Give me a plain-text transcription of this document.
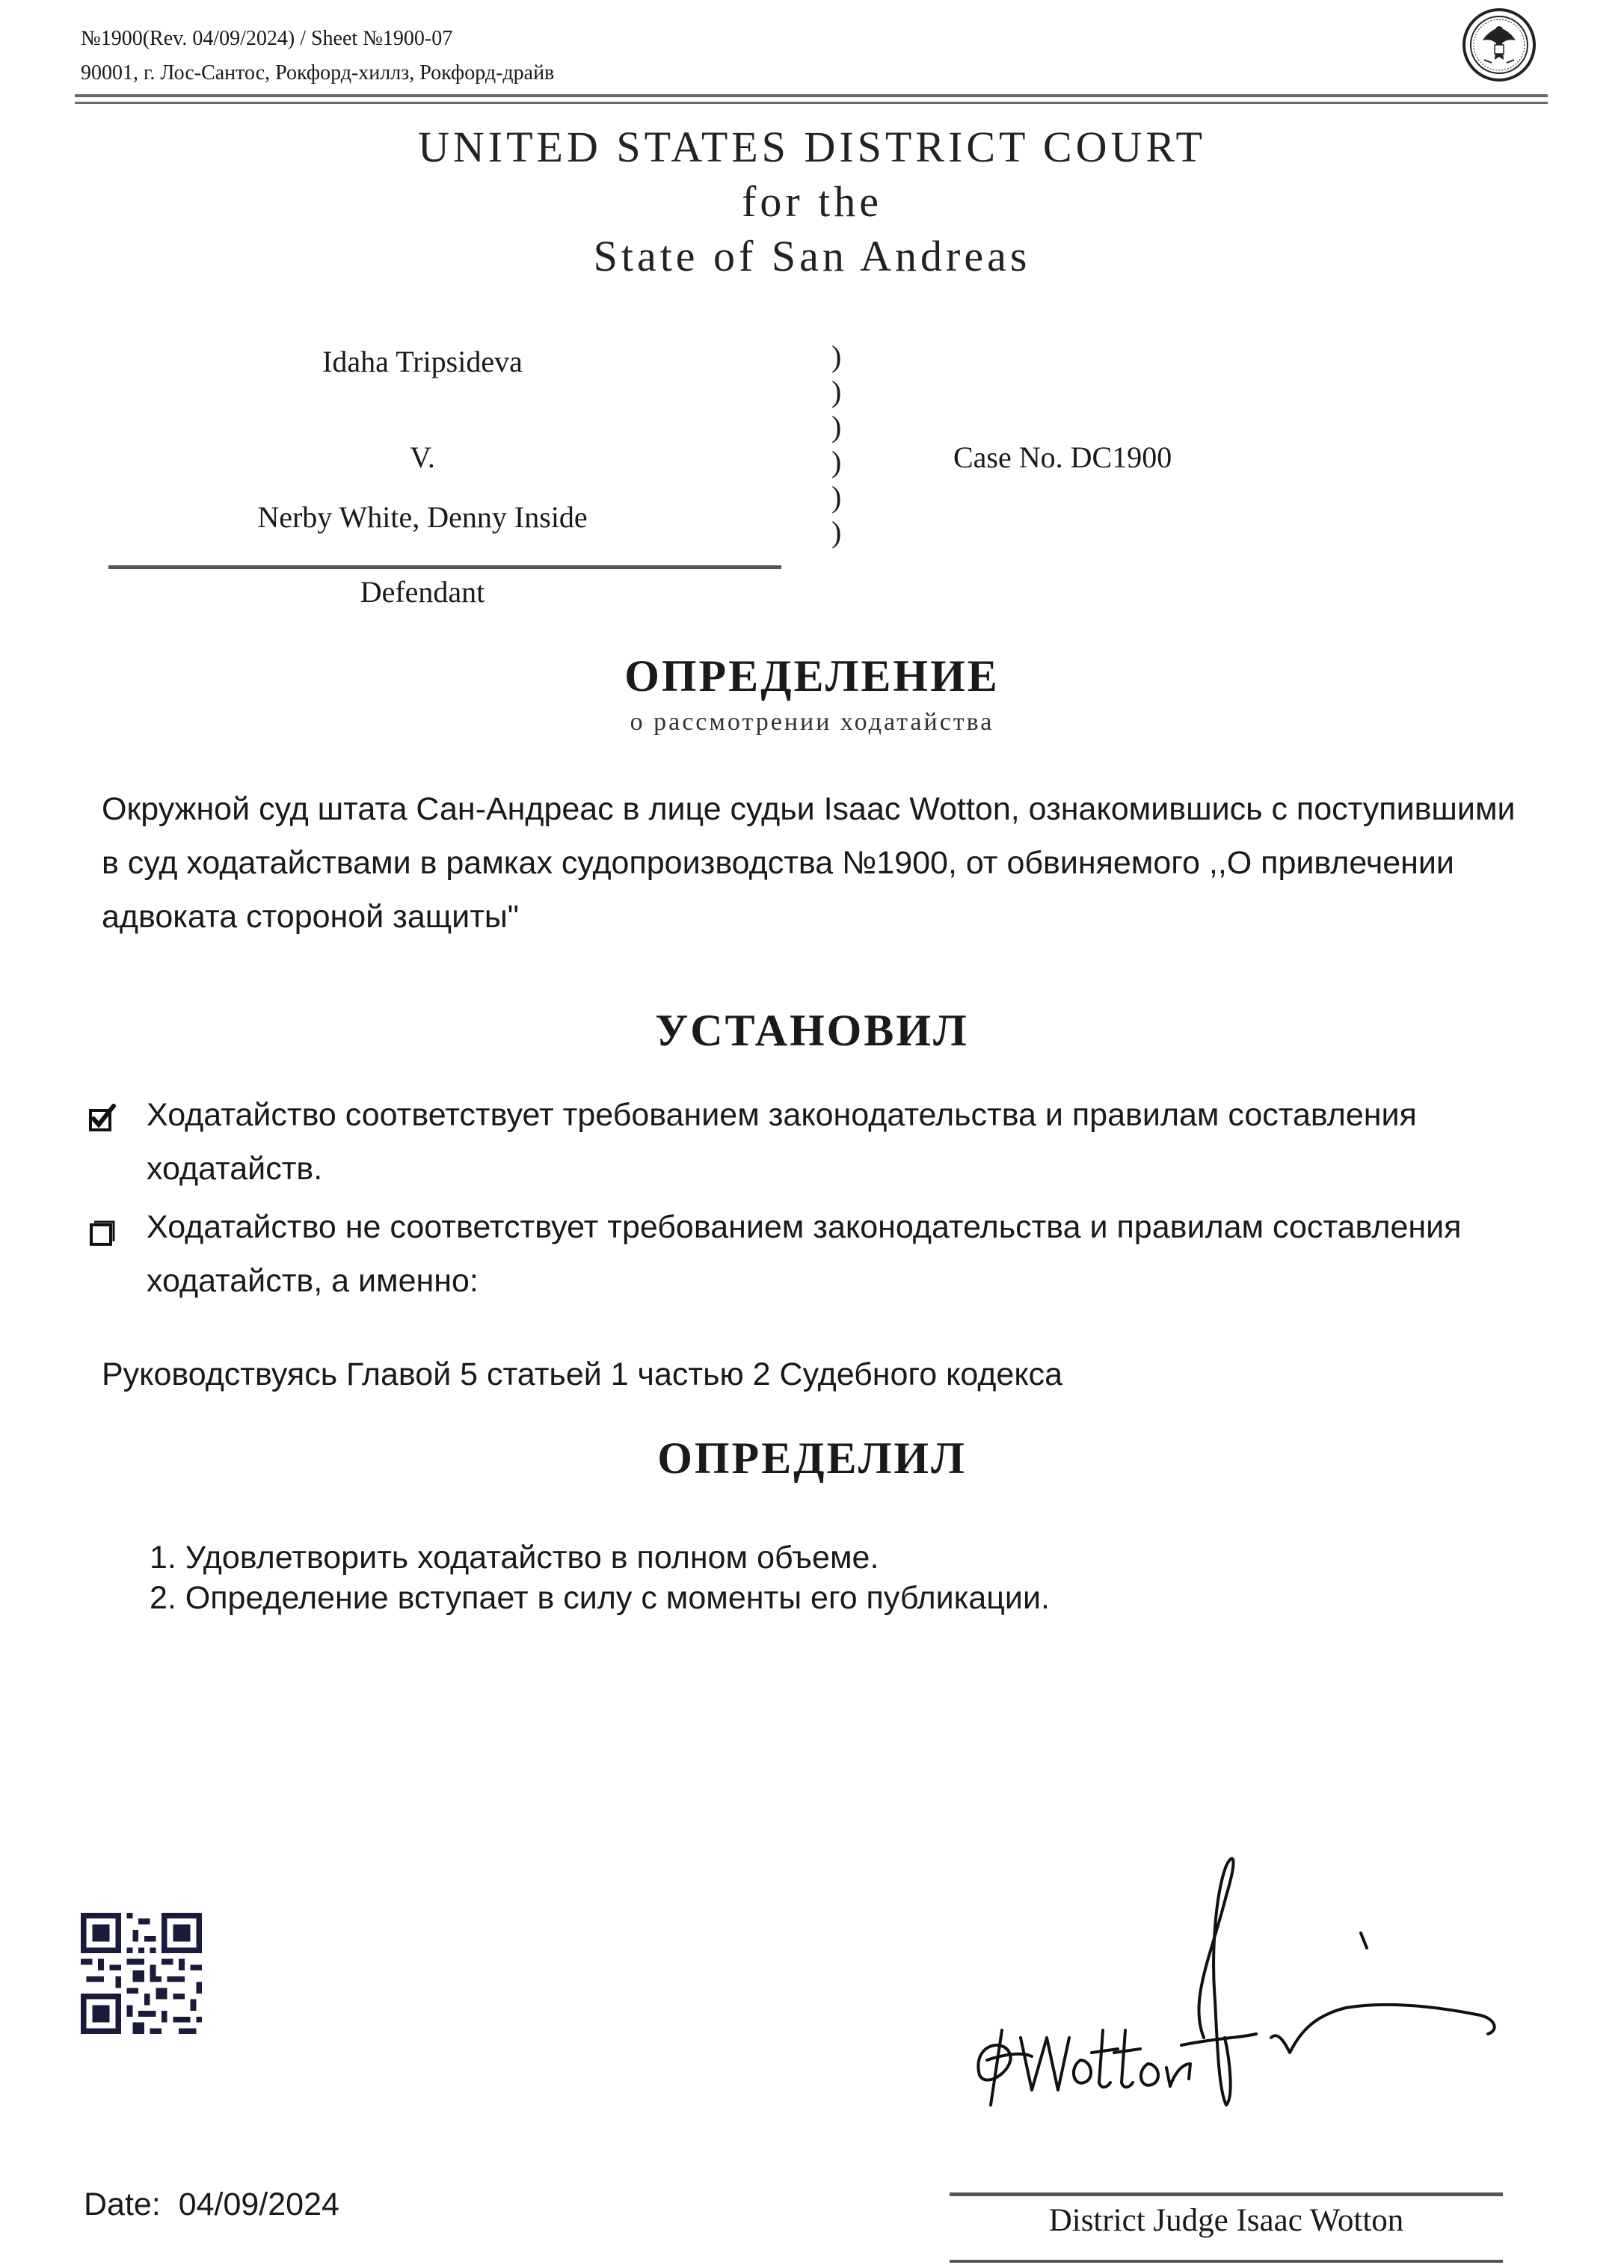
№1900(Rev. 04/09/2024) / Sheet №1900-07
90001, г. Лос-Сантос, Рокфорд-хиллз, Рокфорд-драйв
UNITED STATES DISTRICT COURT
for the
State of San Andreas
Idaha Tripsideva
V.
Nerby White, Denny Inside
Defendant
)
)
)
)
)
)
Case No. DC1900
ОПРЕДЕЛЕНИЕ
о рассмотрении ходатайства
Окружной суд штата Сан-Андреас в лице судьи Isaac Wotton, ознакомившись с поступившими в суд ходатайствами в рамках судопроизводства №1900, от обвиняемого ,,О привлечении адвоката стороной защиты"
УСТАНОВИЛ
Ходатайство соответствует требованием законодательства и правилам составления ходатайств.
Ходатайство не соответствует требованием законодательства и правилам составления ходатайств, а именно:
Руководствуясь Главой 5 статьей 1 частью 2 Судебного кодекса
ОПРЕДЕЛИЛ
1. Удовлетворить ходатайство в полном объеме.
2. Определение вступает в силу с моменты его публикации.
Date: 04/09/2024	District Judge Isaac Wotton
